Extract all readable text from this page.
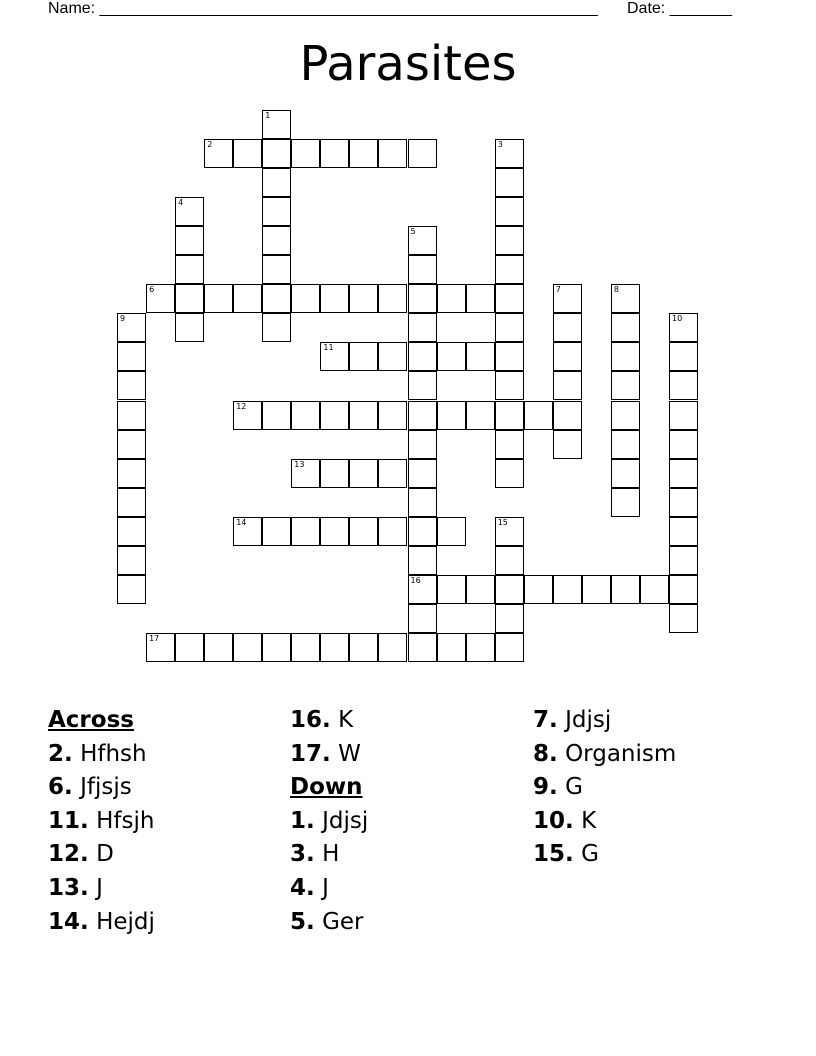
Name: ________________________________________________________ Date: _______
Parasites
1
2	3
4
5
16
6	7	8
9	10
11
12
13
14	15
17
Across
2. Hfhsh
6. Jfjsjs
11. Hfsjh
12. D
13. J
14. Hejdj
16. K
17. W
Down
1. Jdjsj
3. H
4. J
5. Ger
7. Jdjsj
8. Organism
9. G
10. K
15. G
